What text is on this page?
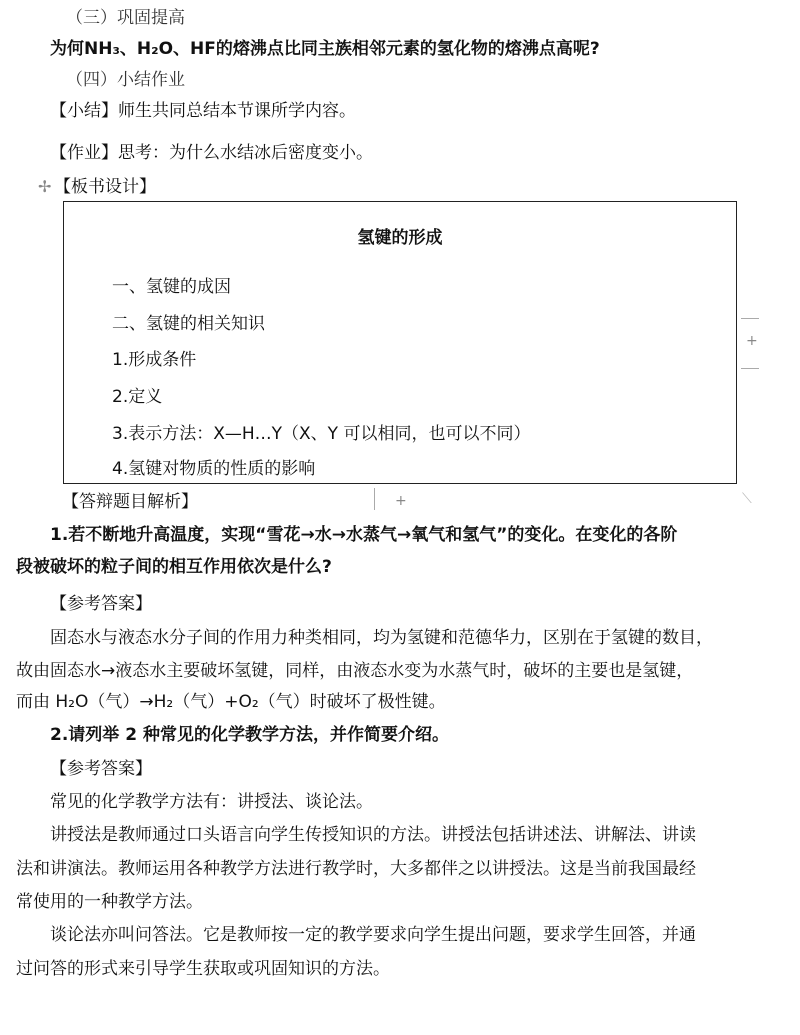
（三）巩固提高
为何NH₃、H₂O、HF的熔沸点比同主族相邻元素的氢化物的熔沸点高呢?
（四）小结作业
【小结】师生共同总结本节课所学内容。
【作业】思考：为什么水结冰后密度变小。
✢ 【板书设计】
氢键的形成
一、氢键的成因
二、氢键的相关知识
1.形成条件
2.定义
3.表示方法：X—H…Y（X、Y 可以相同，也可以不同）
4.氢键对物质的性质的影响
+
+	⟍
【答辩题目解析】
1.若不断地升高温度，实现“雪花→水→水蒸气→氧气和氢气”的变化。在变化的各阶
段被破坏的粒子间的相互作用依次是什么?
【参考答案】
固态水与液态水分子间的作用力种类相同，均为氢键和范德华力，区别在于氢键的数目，
故由固态水→液态水主要破坏氢键，同样，由液态水变为水蒸气时，破坏的主要也是氢键，
而由 H₂O（气）→H₂（气）+O₂（气）时破坏了极性键。
2.请列举 2 种常见的化学教学方法，并作简要介绍。
【参考答案】
常见的化学教学方法有：讲授法、谈论法。
讲授法是教师通过口头语言向学生传授知识的方法。讲授法包括讲述法、讲解法、讲读
法和讲演法。教师运用各种教学方法进行教学时，大多都伴之以讲授法。这是当前我国最经
常使用的一种教学方法。
谈论法亦叫问答法。它是教师按一定的教学要求向学生提出问题，要求学生回答，并通
过问答的形式来引导学生获取或巩固知识的方法。
